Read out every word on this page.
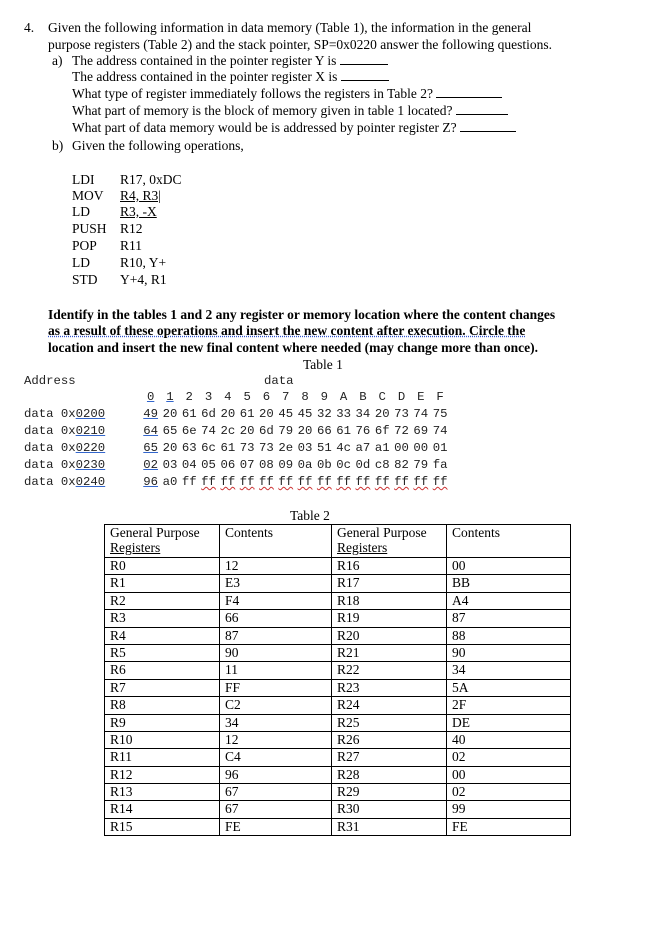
4. Given the following information in data memory (Table 1), the information in the general
purpose registers (Table 2) and the stack pointer, SP=0x0220 answer the following questions.
a) The address contained in the pointer register Y is
The address contained in the pointer register X is
What type of register immediately follows the registers in Table 2?
What part of memory is the block of memory given in table 1 located?
What part of data memory would be is addressed by pointer register Z?
b) Given the following operations,
LDI R17, 0xDC
MOV R4, R3|
LD R3, -X
PUSH R12
POP R11
LD R10, Y+
STD Y+4, R1
Identify in the tables 1 and 2 any register or memory location where the content changes
as a result of these operations and insert the new content after execution. Circle the
location and insert the new final content where needed (may change more than once).
Table 1
Address	data
0 1 2 3 4 5 6 7 8 9 A B C D E F
data 0x0200	49 20 61 6d 20 61 20 45 45 32 33 34 20 73 74 75
data 0x0210	64 65 6e 74 2c 20 6d 79 20 66 61 76 6f 72 69 74
data 0x0220	65 20 63 6c 61 73 73 2e 03 51 4c a7 a1 00 00 01
data 0x0230	02 03 04 05 06 07 08 09 0a 0b 0c 0d c8 82 79 fa
data 0x0240	96 a0 ff ff ff ff ff ff ff ff ff ff ff ff ff ff
Table 2
General Purpose
Registers	Contents	General Purpose
Registers	Contents
R0	12	R16	00
R1	E3	R17	BB
R2	F4	R18	A4
R3	66	R19	87
R4	87	R20	88
R5	90	R21	90
R6	11	R22	34
R7	FF	R23	5A
R8	C2	R24	2F
R9	34	R25	DE
R10	12	R26	40
R11	C4	R27	02
R12	96	R28	00
R13	67	R29	02
R14	67	R30	99
R15	FE	R31	FE
